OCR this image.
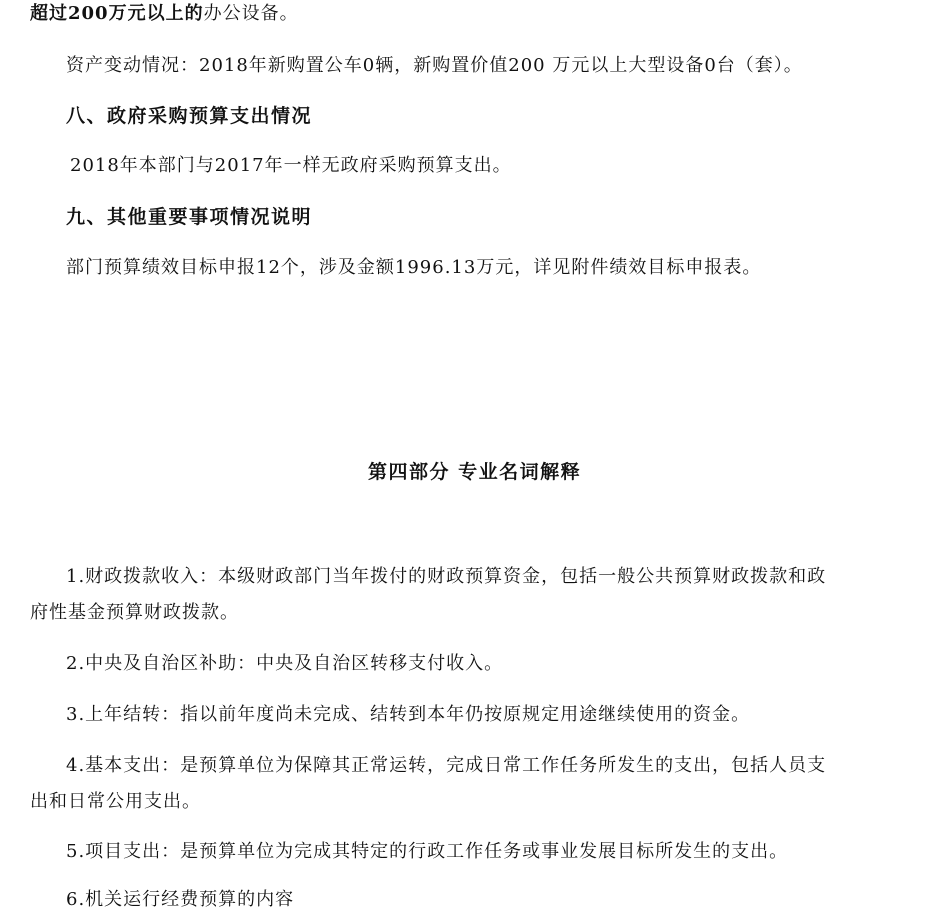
超过200万元以上的办公设备。
资产变动情况：2018年新购置公车0辆，新购置价值200 万元以上大型设备0台（套）。
八、政府采购预算支出情况
2018年本部门与2017年一样无政府采购预算支出。
九、其他重要事项情况说明
部门预算绩效目标申报12个，涉及金额1996.13万元，详见附件绩效目标申报表。
第四部分 专业名词解释
1.财政拨款收入：本级财政部门当年拨付的财政预算资金，包括一般公共预算财政拨款和政
府性基金预算财政拨款。
2.中央及自治区补助：中央及自治区转移支付收入。
3.上年结转：指以前年度尚未完成、结转到本年仍按原规定用途继续使用的资金。
4.基本支出：是预算单位为保障其正常运转，完成日常工作任务所发生的支出，包括人员支
出和日常公用支出。
5.项目支出：是预算单位为完成其特定的行政工作任务或事业发展目标所发生的支出。
6.机关运行经费预算的内容
